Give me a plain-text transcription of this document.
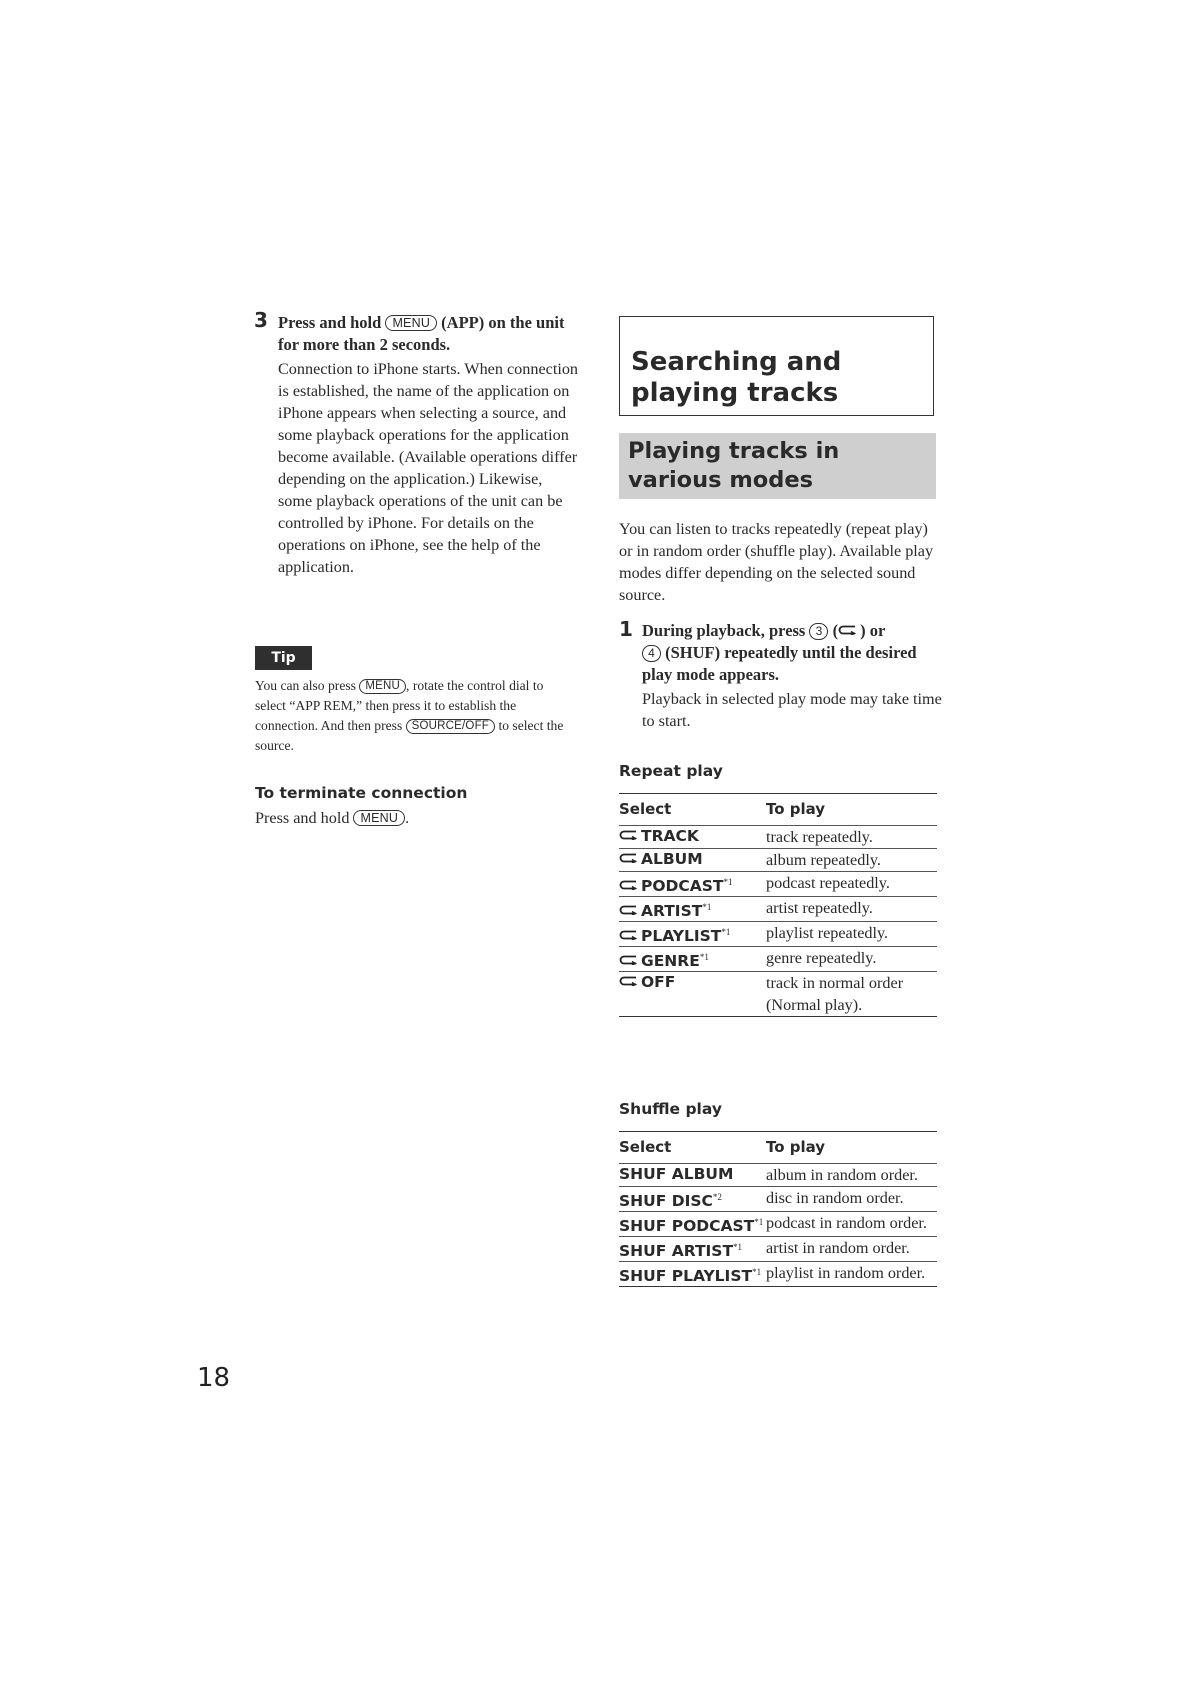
3 Press and hold MENU (APP) on the unit for more than 2 seconds.
Connection to iPhone starts. When connection is established, the name of the application on iPhone appears when selecting a source, and some playback operations for the application become available. (Available operations differ depending on the application.) Likewise, some playback operations of the unit can be controlled by iPhone. For details on the operations on iPhone, see the help of the application.
Tip
You can also press MENU , rotate the control dial to select “APP REM,” then press it to establish the connection. And then press SOURCE/OFF to select the source.
To terminate connection
Press and hold MENU .
18
Searching and playing tracks
Playing tracks in various modes
You can listen to tracks repeatedly (repeat play) or in random order (shuffle play). Available play modes differ depending on the selected sound source.
1 During playback, press 3 ( ) or
4 (SHUF) repeatedly until the desired play mode appears.
Playback in selected play mode may take time to start.
Repeat play
Select	To play

TRACK	track repeatedly.

ALBUM	album repeatedly.

PODCAST$^{*1}$	podcast repeatedly.

ARTIST$^{*1}$	artist repeatedly.

PLAYLIST$^{*1}$	playlist repeatedly.

GENRE$^{*1}$	genre repeatedly.

OFF	track in normal order (Normal play).
Shuffle play
Select	To play
SHUF ALBUM	album in random order.
SHUF DISC$^{*2}$	disc in random order.
SHUF PODCAST$^{*1}$	podcast in random order.
SHUF ARTIST$^{*1}$	artist in random order.
SHUF PLAYLIST$^{*1}$	playlist in random order.
